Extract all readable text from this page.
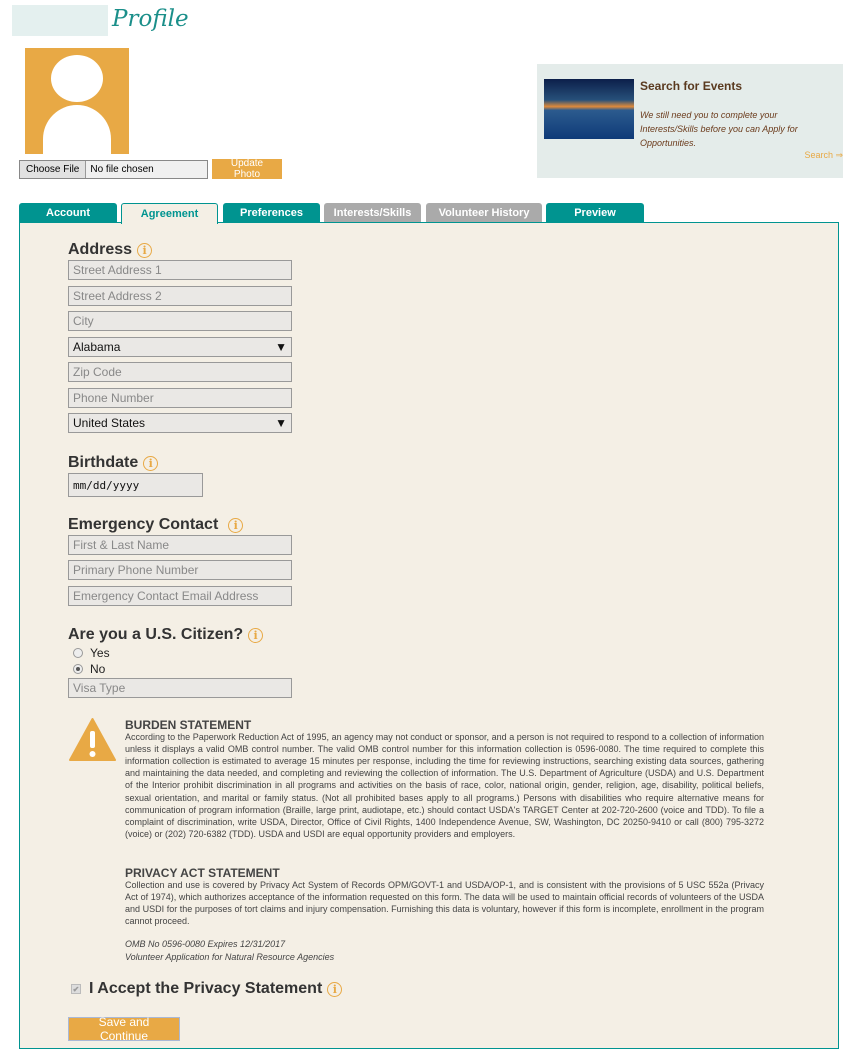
Profile
Choose File	No file chosen
Update Photo
Search for Events
We still need you to complete your Interests/Skills before you can Apply for Opportunities.
Search ⇒
Account	Agreement	Preferences	Interests/Skills	Volunteer History	Preview
Address i
Street Address 1
Street Address 2
City
Alabama	▼
Zip Code
Phone Number
United States	▼
Birthdate i
mm/dd/yyyy
Emergency Contact	i
First & Last Name
Primary Phone Number
Emergency Contact Email Address
Are you a U.S. Citizen? i
Yes
No
Visa Type
BURDEN STATEMENT
According to the Paperwork Reduction Act of 1995, an agency may not conduct or sponsor, and a person is not required to respond to a collection of information unless it displays a valid OMB control number. The valid OMB control number for this information collection is 0596-0080. The time required to complete this information collection is estimated to average 15 minutes per response, including the time for reviewing instructions, searching existing data sources, gathering and maintaining the data needed, and completing and reviewing the collection of information. The U.S. Department of Agriculture (USDA) and U.S. Department of the Interior prohibit discrimination in all programs and activities on the basis of race, color, national origin, gender, religion, age, disability, political beliefs, sexual orientation, and marital or family status. (Not all prohibited bases apply to all programs.) Persons with disabilities who require alternative means for communication of program information (Braille, large print, audiotape, etc.) should contact USDA's TARGET Center at 202-720-2600 (voice and TDD). To file a complaint of discrimination, write USDA, Director, Office of Civil Rights, 1400 Independence Avenue, SW, Washington, DC 20250-9410 or call (800) 795-3272 (voice) or (202) 720-6382 (TDD). USDA and USDI are equal opportunity providers and employers.
PRIVACY ACT STATEMENT
Collection and use is covered by Privacy Act System of Records OPM/GOVT-1 and USDA/OP-1, and is consistent with the provisions of 5 USC 552a (Privacy Act of 1974), which authorizes acceptance of the information requested on this form. The data will be used to maintain official records of volunteers of the USDA and USDI for the purposes of tort claims and injury compensation. Furnishing this data is voluntary, however if this form is incomplete, enrollment in the program cannot proceed.
OMB No 0596-0080 Expires 12/31/2017
Volunteer Application for Natural Resource Agencies
✔ I Accept the Privacy Statement i
Save and Continue
